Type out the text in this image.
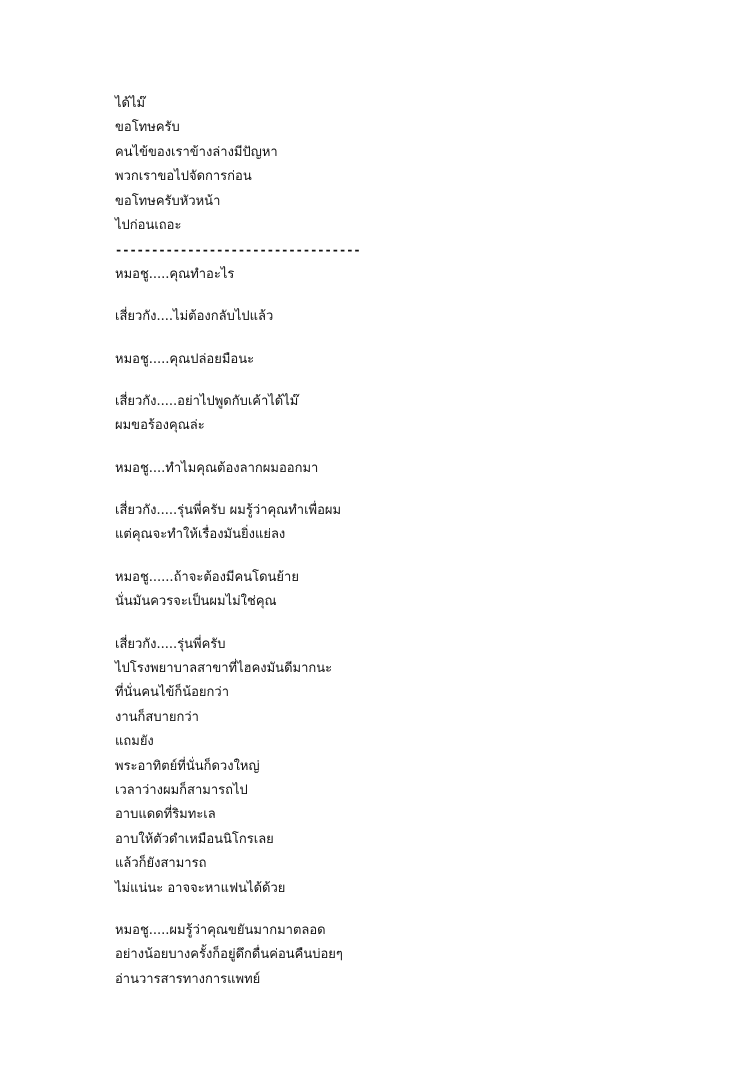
ได้ไม๊
ขอโทษครับ
คนไข้ของเราข้างล่างมีปัญหา
พวกเราขอไปจัดการก่อน
ขอโทษครับหัวหน้า
ไปก่อนเถอะ
----------------------------------
หมอชู.....คุณทำอะไร
เสี่ยวกัง....ไม่ต้องกลับไปแล้ว
หมอชู.....คุณปล่อยมือนะ
เสี่ยวกัง.....อย่าไปพูดกับเค้าได้ไม๊
ผมขอร้องคุณล่ะ
หมอชู....ทำไมคุณต้องลากผมออกมา
เสี่ยวกัง.....รุ่นพี่ครับ ผมรู้ว่าคุณทำเพื่อผม
แต่คุณจะทำให้เรื่องมันยิ่งแย่ลง
หมอชู......ถ้าจะต้องมีคนโดนย้าย
นั่นมันควรจะเป็นผมไม่ใช่คุณ
เสี่ยวกัง.....รุ่นพี่ครับ
ไปโรงพยาบาลสาขาที่ไฮคงมันดีมากนะ
ที่นั่นคนไข้ก็น้อยกว่า
งานก็สบายกว่า
แถมยัง
พระอาทิตย์ที่นั่นก็ดวงใหญ่
เวลาว่างผมก็สามารถไป
อาบแดดที่ริมทะเล
อาบให้ตัวดำเหมือนนิโกรเลย
แล้วก็ยังสามารถ
ไม่แน่นะ อาจจะหาแฟนได้ด้วย
หมอชู.....ผมรู้ว่าคุณขยันมากมาตลอด
อย่างน้อยบางครั้งก็อยู่ดึกดื่นค่อนคืนบ่อยๆ
อ่านวารสารทางการแพทย์
